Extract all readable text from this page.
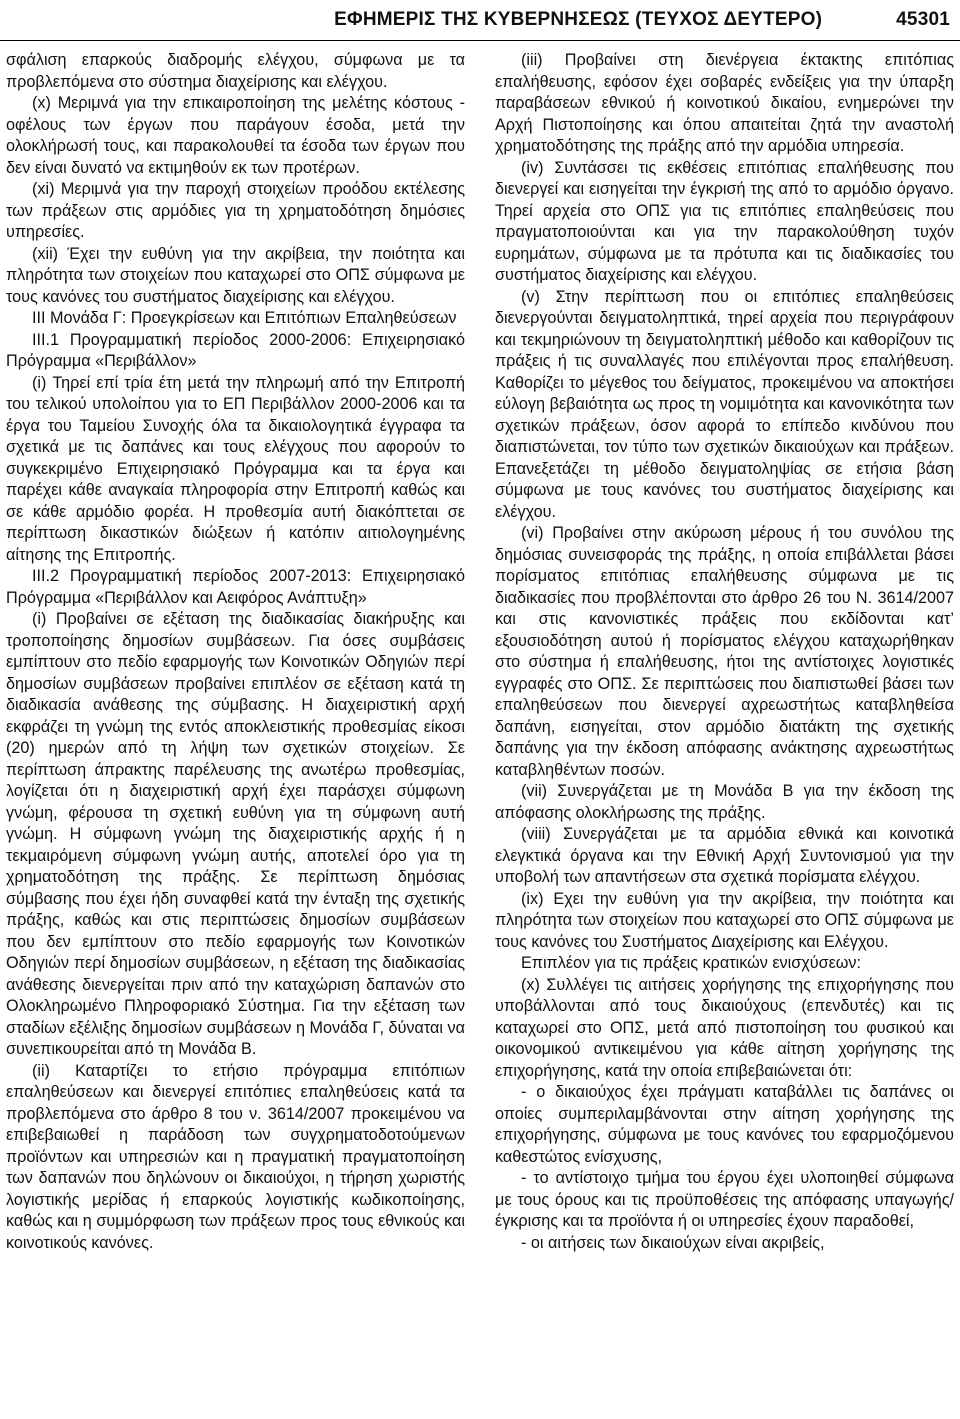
ΕΦΗΜΕΡΙΣ ΤΗΣ ΚΥΒΕΡΝΗΣΕΩΣ (ΤΕΥΧΟΣ ΔΕΥΤΕΡΟ)	45301

σφάλιση επαρκούς διαδρομής ελέγχου, σύμφωνα με τα προβλεπόμενα στο σύστημα διαχείρισης και ελέγχου.

(x) Μεριμνά για την επικαιροποίηση της μελέτης κόστους - οφέλους των έργων που παράγουν έσοδα, μετά την ολοκλήρωσή τους, και παρακολουθεί τα έσοδα των έργων που δεν είναι δυνατό να εκτιμηθούν εκ των προτέρων.

(xi) Μεριμνά για την παροχή στοιχείων προόδου εκτέλεσης των πράξεων στις αρμόδιες για τη χρηματοδότηση δημόσιες υπηρεσίες.

(xii) Έχει την ευθύνη για την ακρίβεια, την ποιότητα και πληρότητα των στοιχείων που καταχωρεί στο ΟΠΣ σύμφωνα με τους κανόνες του συστήματος διαχείρισης και ελέγχου.

ΙΙΙ Μονάδα Γ: Προεγκρίσεων και Επιτόπιων Επαληθεύσεων

ΙΙΙ.1 Προγραμματική περίοδος 2000-2006: Επιχειρησιακό Πρόγραμμα «Περιβάλλον»

(i) Τηρεί επί τρία έτη μετά την πληρωμή από την Επιτροπή του τελικού υπολοίπου για το ΕΠ Περιβάλλον 2000-2006 και τα έργα του Ταμείου Συνοχής όλα τα δικαιολογητικά έγγραφα τα σχετικά με τις δαπάνες και τους ελέγχους που αφορούν το συγκεκριμένο Επιχειρησιακό Πρόγραμμα και τα έργα και παρέχει κάθε αναγκαία πληροφορία στην Επιτροπή καθώς και σε κάθε αρμόδιο φορέα. Η προθεσμία αυτή διακόπτεται σε περίπτωση δικαστικών διώξεων ή κατόπιν αιτιολογημένης αίτησης της Επιτροπής.

ΙΙΙ.2 Προγραμματική περίοδος 2007-2013: Επιχειρησιακό Πρόγραμμα «Περιβάλλον και Αειφόρος Ανάπτυξη»

(i) Προβαίνει σε εξέταση της διαδικασίας διακήρυξης και τροποποίησης δημοσίων συμβάσεων. Για όσες συμβάσεις εμπίπτουν στο πεδίο εφαρμογής των Κοινοτικών Οδηγιών περί δημοσίων συμβάσεων προβαίνει επιπλέον σε εξέταση κατά τη διαδικασία ανάθεσης της σύμβασης. Η διαχειριστική αρχή εκφράζει τη γνώμη της εντός αποκλειστικής προθεσμίας είκοσι (20) ημερών από τη λήψη των σχετικών στοιχείων. Σε περίπτωση άπρακτης παρέλευσης της ανωτέρω προθεσμίας, λογίζεται ότι η διαχειριστική αρχή έχει παράσχει σύμφωνη γνώμη, φέρουσα τη σχετική ευθύνη για τη σύμφωνη αυτή γνώμη. Η σύμφωνη γνώμη της διαχειριστικής αρχής ή η τεκμαιρόμενη σύμφωνη γνώμη αυτής, αποτελεί όρο για τη χρηματοδότηση της πράξης. Σε περίπτωση δημόσιας σύμβασης που έχει ήδη συναφθεί κατά την ένταξη της σχετικής πράξης, καθώς και στις περιπτώσεις δημοσίων συμβάσεων που δεν εμπίπτουν στο πεδίο εφαρμογής των Κοινοτικών Οδηγιών περί δημοσίων συμβάσεων, η εξέταση της διαδικασίας ανάθεσης διενεργείται πριν από την καταχώριση δαπανών στο Ολοκληρωμένο Πληροφοριακό Σύστημα. Για την εξέταση των σταδίων εξέλιξης δημοσίων συμβάσεων η Μονάδα Γ, δύναται να συνεπικουρείται από τη Μονάδα Β.

(ii) Καταρτίζει το ετήσιο πρόγραμμα επιτόπιων επαληθεύσεων και διενεργεί επιτόπιες επαληθεύσεις κατά τα προβλεπόμενα στο άρθρο 8 του ν. 3614/2007 προκειμένου να επιβεβαιωθεί η παράδοση των συγχρηματοδοτούμενων προϊόντων και υπηρεσιών και η πραγματική πραγματοποίηση των δαπανών που δηλώνουν οι δικαιούχοι, η τήρηση χωριστής λογιστικής μερίδας ή επαρκούς λογιστικής κωδικοποίησης, καθώς και η συμμόρφωση των πράξεων προς τους εθνικούς και κοινοτικούς κανόνες.

(iii) Προβαίνει στη διενέργεια έκτακτης επιτόπιας επαλήθευσης, εφόσον έχει σοβαρές ενδείξεις για την ύπαρξη παραβάσεων εθνικού ή κοινοτικού δικαίου, ενημερώνει την Αρχή Πιστοποίησης και όπου απαιτείται ζητά την αναστολή χρηματοδότησης της πράξης από την αρμόδια υπηρεσία.

(iv) Συντάσσει τις εκθέσεις επιτόπιας επαλήθευσης που διενεργεί και εισηγείται την έγκρισή της από το αρμόδιο όργανο. Τηρεί αρχεία στο ΟΠΣ για τις επιτόπιες επαληθεύσεις που πραγματοποιούνται και για την παρακολούθηση τυχόν ευρημάτων, σύμφωνα με τα πρότυπα και τις διαδικασίες του συστήματος διαχείρισης και ελέγχου.

(v) Στην περίπτωση που οι επιτόπιες επαληθεύσεις διενεργούνται δειγματοληπτικά, τηρεί αρχεία που περιγράφουν και τεκμηριώνουν τη δειγματοληπτική μέθοδο και καθορίζουν τις πράξεις ή τις συναλλαγές που επιλέγονται προς επαλήθευση. Καθορίζει το μέγεθος του δείγματος, προκειμένου να αποκτήσει εύλογη βεβαιότητα ως προς τη νομιμότητα και κανονικότητα των σχετικών πράξεων, όσον αφορά το επίπεδο κινδύνου που διαπιστώνεται, τον τύπο των σχετικών δικαιούχων και πράξεων. Επανεξετάζει τη μέθοδο δειγματοληψίας σε ετήσια βάση σύμφωνα με τους κανόνες του συστήματος διαχείρισης και ελέγχου.

(vi) Προβαίνει στην ακύρωση μέρους ή του συνόλου της δημόσιας συνεισφοράς της πράξης, η οποία επιβάλλεται βάσει πορίσματος επιτόπιας επαλήθευσης σύμφωνα με τις διαδικασίες που προβλέπονται στο άρθρο 26 του Ν. 3614/2007 και στις κανονιστικές πράξεις που εκδίδονται κατ’ εξουσιοδότηση αυτού ή πορίσματος ελέγχου καταχωρήθηκαν στο σύστημα ή επαλήθευσης, ήτοι της αντίστοιχες λογιστικές εγγραφές στο ΟΠΣ. Σε περιπτώσεις που διαπιστωθεί βάσει των επαληθεύσεων που διενεργεί αχρεωστήτως καταβληθείσα δαπάνη, εισηγείται, στον αρμόδιο διατάκτη της σχετικής δαπάνης για την έκδοση απόφασης ανάκτησης αχρεωστήτως καταβληθέντων ποσών.

(vii) Συνεργάζεται με τη Μονάδα Β για την έκδοση της απόφασης ολοκλήρωσης της πράξης.

(viii) Συνεργάζεται με τα αρμόδια εθνικά και κοινοτικά ελεγκτικά όργανα και την Εθνική Αρχή Συντονισμού για την υποβολή των απαντήσεων στα σχετικά πορίσματα ελέγχου.

(ix) Εχει την ευθύνη για την ακρίβεια, την ποιότητα και πληρότητα των στοιχείων που καταχωρεί στο ΟΠΣ σύμφωνα με τους κανόνες του Συστήματος Διαχείρισης και Ελέγχου.

Επιπλέον για τις πράξεις κρατικών ενισχύσεων:

(x) Συλλέγει τις αιτήσεις χορήγησης της επιχορήγησης που υποβάλλονται από τους δικαιούχους (επενδυτές) και τις καταχωρεί στο ΟΠΣ, μετά από πιστοποίηση του φυσικού και οικονομικού αντικειμένου για κάθε αίτηση χορήγησης της επιχορήγησης, κατά την οποία επιβεβαιώνεται ότι:

- ο δικαιούχος έχει πράγματι καταβάλλει τις δαπάνες οι οποίες συμπεριλαμβάνονται στην αίτηση χορήγησης της επιχορήγησης, σύμφωνα με τους κανόνες του εφαρμοζόμενου καθεστώτος ενίσχυσης,

- το αντίστοιχο τμήμα του έργου έχει υλοποιηθεί σύμφωνα με τους όρους και τις προϋποθέσεις της απόφασης υπαγωγής/έγκρισης και τα προϊόντα ή οι υπηρεσίες έχουν παραδοθεί,

- οι αιτήσεις των δικαιούχων είναι ακριβείς,
